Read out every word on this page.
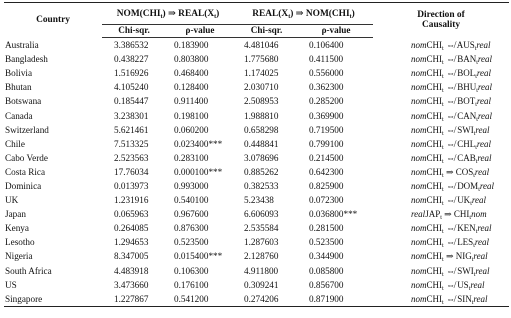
Country	$NOM(CHI_t)$ ⇒ $REAL(X_t)$		$REAL(X_t)$ ⇒ $NOM(CHI_t)$		Direction of
Causality
	Chi-sqr.	ρ-value	Chi-sqr.	ρ-value	
Australia	3.386532	0.183900	4.481046	0.106400	nomCHI$_t$ ⇎ $AUS_treal$
Bangladesh	0.438227	0.803800	1.775680	0.411500	nomCHI$_t$ ⇎ $BAN_treal$
Bolivia	1.516926	0.468400	1.174025	0.556000	nomCHI$_t$ ⇎ $BOL_treal$
Bhutan	4.105240	0.128400	2.030710	0.362300	nomCHI$_t$ ⇎ $BHU_treal$
Botswana	0.185447	0.911400	2.508953	0.285200	nomCHI$_t$ ⇎ $BOT_treal$
Canada	3.238301	0.198100	1.988810	0.369900	nomCHI$_t$ ⇎ $CAN_treal$
Switzerland	5.621461	0.060200	0.658298	0.719500	nomCHI$_t$ ⇎ $SWI_treal$
Chile	7.513325	0.023400***	0.448841	0.799100	nomCHI$_t$ ⇎ $CHL_treal$
Cabo Verde	2.523563	0.283100	3.078696	0.214500	nomCHI$_t$ ⇎ $CAB_treal$
Costa Rica	17.76034	0.000100***	0.885262	0.642300	nomCHI$_t$ ⇒ $COS_treal$
Dominica	0.013973	0.993000	0.382533	0.825900	nomCHI$_t$ ⇎ $DOM_treal$
UK	1.231916	0.540100	5.23438	0.072300	nomCHI$_t$ ⇎ $UK_treal$
Japan	0.065963	0.967600	6.606093	0.036800***	realJAP$_t$ ⇒ $CHI_tnom$
Kenya	0.264085	0.876300	2.535584	0.281500	nomCHI$_t$ ⇎ $KEN_treal$
Lesotho	1.294653	0.523500	1.287603	0.523500	nomCHI$_t$ ⇎ $LES_treal$
Nigeria	8.347005	0.015400***	2.128760	0.344900	nomCHI$_t$ ⇒ $NIG_treal$
South Africa	4.483918	0.106300	4.911800	0.085800	nomCHI$_t$ ⇎ $SWI_treal$
US	3.473660	0.176100	0.309241	0.856700	nomCHI$_t$ ⇎ $US_treal$
Singapore	1.227867	0.541200	0.274206	0.871900	nomCHI$_t$ ⇎ $SIN_treal$
